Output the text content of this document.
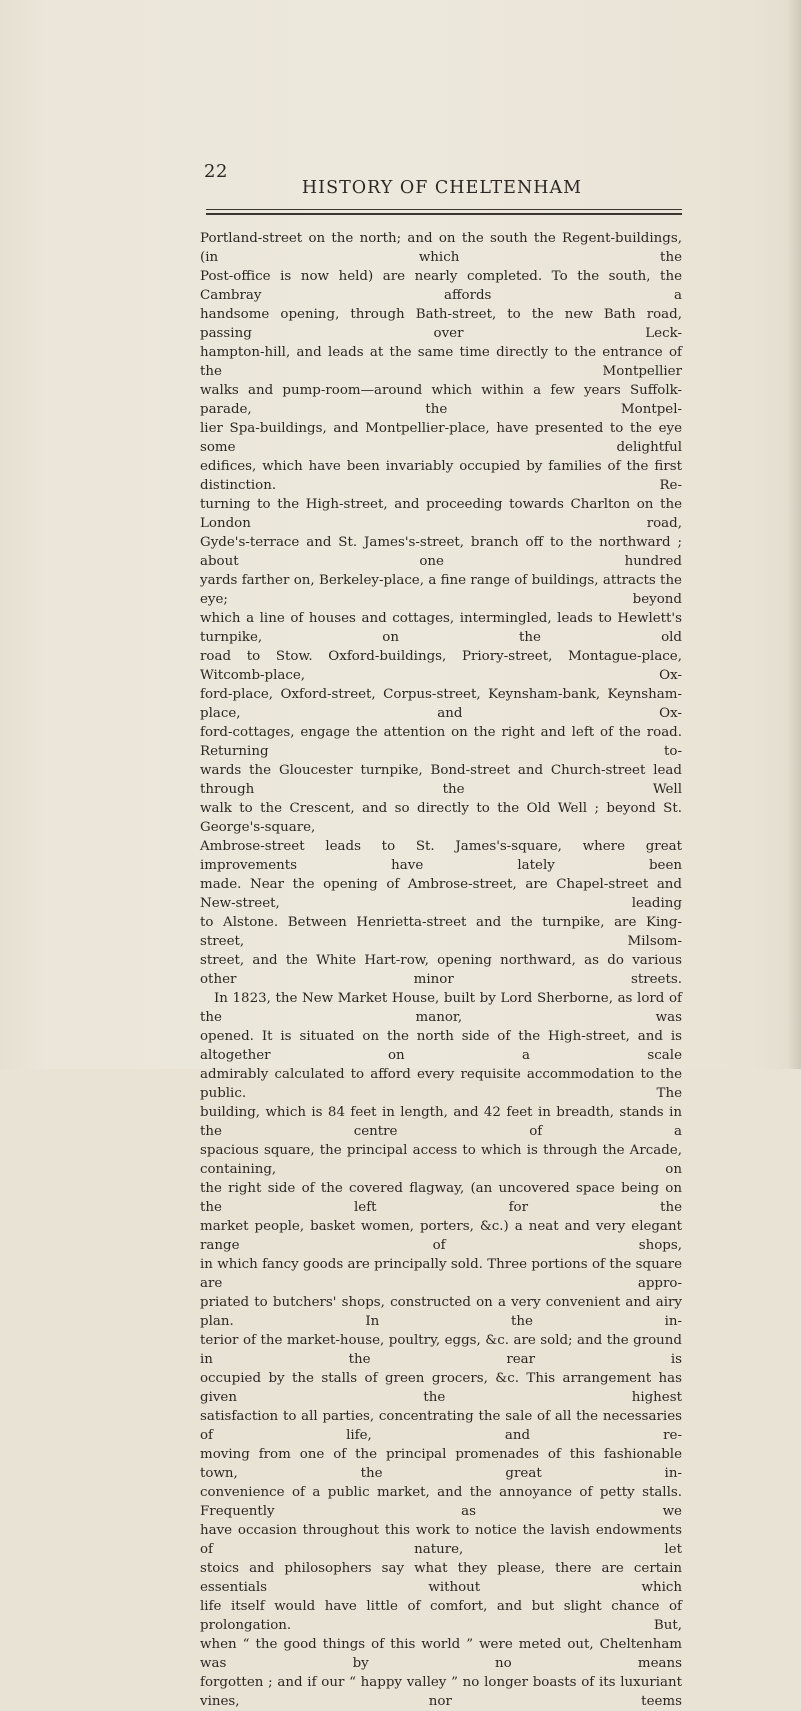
22
HISTORY OF CHELTENHAM

Portland-street on the north; and on the south the Regent-buildings, (in which the

Post-office is now held) are nearly completed. To the south, the Cambray affords a

handsome opening, through Bath-street, to the new Bath road, passing over Leck-

hampton-hill, and leads at the same time directly to the entrance of the Montpellier

walks and pump-room—around which within a few years Suffolk-parade, the Montpel-

lier Spa-buildings, and Montpellier-place, have presented to the eye some delightful

edifices, which have been invariably occupied by families of the first distinction. Re-

turning to the High-street, and proceeding towards Charlton on the London road,

Gyde's-terrace and St. James's-street, branch off to the northward ; about one hundred

yards farther on, Berkeley-place, a fine range of buildings, attracts the eye; beyond

which a line of houses and cottages, intermingled, leads to Hewlett's turnpike, on the old

road to Stow. Oxford-buildings, Priory-street, Montague-place, Witcomb-place, Ox-

ford-place, Oxford-street, Corpus-street, Keynsham-bank, Keynsham-place, and Ox-

ford-cottages, engage the attention on the right and left of the road. Returning to-

wards the Gloucester turnpike, Bond-street and Church-street lead through the Well

walk to the Crescent, and so directly to the Old Well ; beyond St. George's-square,

Ambrose-street leads to St. James's-square, where great improvements have lately been

made. Near the opening of Ambrose-street, are Chapel-street and New-street, leading

to Alstone. Between Henrietta-street and the turnpike, are King-street, Milsom-

street, and the White Hart-row, opening northward, as do various other minor streets.

In 1823, the New Market House, built by Lord Sherborne, as lord of the manor, was

opened. It is situated on the north side of the High-street, and is altogether on a scale

admirably calculated to afford every requisite accommodation to the public. The

building, which is 84 feet in length, and 42 feet in breadth, stands in the centre of a

spacious square, the principal access to which is through the Arcade, containing, on

the right side of the covered flagway, (an uncovered space being on the left for the

market people, basket women, porters, &c.) a neat and very elegant range of shops,

in which fancy goods are principally sold. Three portions of the square are appro-

priated to butchers' shops, constructed on a very convenient and airy plan. In the in-

terior of the market-house, poultry, eggs, &c. are sold; and the ground in the rear is

occupied by the stalls of green grocers, &c. This arrangement has given the highest

satisfaction to all parties, concentrating the sale of all the necessaries of life, and re-

moving from one of the principal promenades of this fashionable town, the great in-

convenience of a public market, and the annoyance of petty stalls. Frequently as we

have occasion throughout this work to notice the lavish endowments of nature, let

stoics and philosophers say what they please, there are certain essentials without which

life itself would have little of comfort, and but slight chance of prolongation. But,

when “ the good things of this world ” were meted out, Cheltenham was by no means

forgotten ; and if our “ happy valley ” no longer boasts of its luxuriant vines, nor teems
